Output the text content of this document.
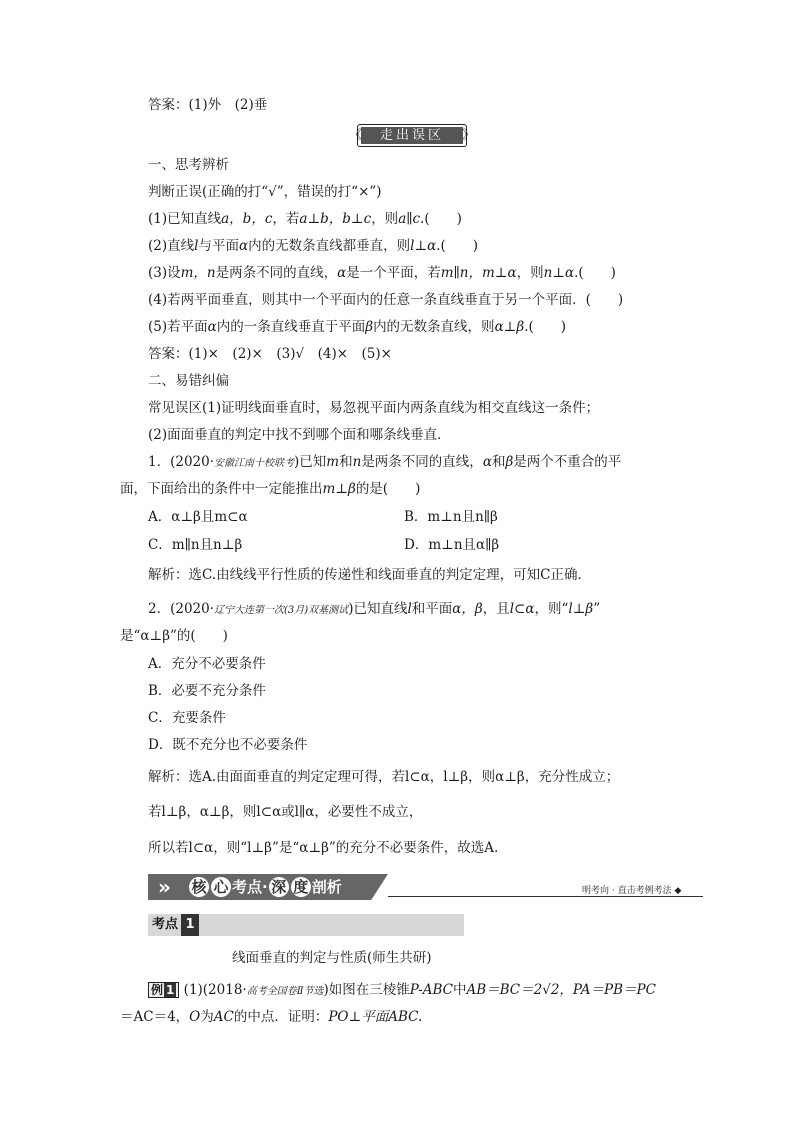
答案：(1)外　(2)垂
走出误区
《	》
一、思考辨析
判断正误(正确的打“√”，错误的打“×”)
(1)已知直线a，b，c，若a⊥b，b⊥c，则a∥c.(　　)
(2)直线l与平面α内的无数条直线都垂直，则l⊥α.(　　)
(3)设m，n是两条不同的直线，α是一个平面，若m∥n，m⊥α，则n⊥α.(　　)
(4)若两平面垂直，则其中一个平面内的任意一条直线垂直于另一个平面．(　　)
(5)若平面α内的一条直线垂直于平面β内的无数条直线，则α⊥β.(　　)
答案：(1)×　(2)×　(3)√　(4)×　(5)×
二、易错纠偏
常见误区(1)证明线面垂直时，易忽视平面内两条直线为相交直线这一条件；
(2)面面垂直的判定中找不到哪个面和哪条线垂直．
1．(2020·安徽江南十校联考)已知m和n是两条不同的直线，α和β是两个不重合的平
面，下面给出的条件中一定能推出m⊥β的是(　　)
A．α⊥β且m⊂α	B．m⊥n且n∥β
C．m∥n且n⊥β	D．m⊥n且α∥β
解析：选C.由线线平行性质的传递性和线面垂直的判定定理，可知C正确．
2．(2020·辽宁大连第一次(3月)双基测试)已知直线l和平面α，β，且l⊂α，则“l⊥β”
是“α⊥β”的(　　)
A．充分不必要条件
B．必要不充分条件
C．充要条件
D．既不充分也不必要条件
解析：选A.由面面垂直的判定定理可得，若l⊂α，l⊥β，则α⊥β，充分性成立；
若l⊥β，α⊥β，则l⊂α或l∥α，必要性不成立，
所以若l⊂α，则“l⊥β”是“α⊥β”的充分不必要条件，故选A.
» 核 心 考点· 深 度 剖析	明考向 · 直击考例考法 ◆
考点 1
线面垂直的判定与性质(师生共研)
例 1 (1)(2018·高考全国卷Ⅱ节选)如图在三棱锥P-ABC中AB＝BC＝2√2，PA＝PB＝PC
＝AC＝4，O为AC的中点．证明：PO⊥平面ABC.
